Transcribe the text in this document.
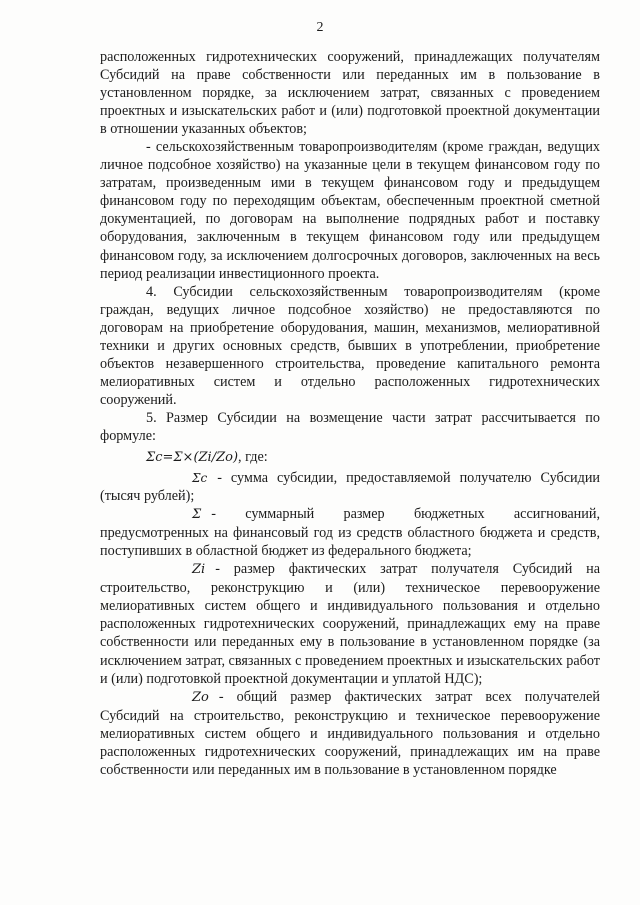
2

расположенных гидротехнических сооружений, принадлежащих получателям Субсидий на праве собственности или переданных им в пользование в установленном порядке, за исключением затрат, связанных с проведением проектных и изыскательских работ и (или) подготовкой проектной документации в отношении указанных объектов;

- сельскохозяйственным товаропроизводителям (кроме граждан, ведущих личное подсобное хозяйство) на указанные цели в текущем финансовом году по затратам, произведенным ими в текущем финансовом году и предыдущем финансовом году по переходящим объектам, обеспеченным проектной сметной документацией, по договорам на выполнение подрядных работ и поставку оборудования, заключенным в текущем финансовом году или предыдущем финансовом году, за исключением долгосрочных договоров, заключенных на весь период реализации инвестиционного проекта.

4. Субсидии сельскохозяйственным товаропроизводителям (кроме граждан, ведущих личное подсобное хозяйство) не предоставляются по договорам на приобретение оборудования, машин, механизмов, мелиоративной техники и других основных средств, бывших в употреблении, приобретение объектов незавершенного строительства, проведение капитального ремонта мелиоративных систем и отдельно расположенных гидротехнических сооружений.

5. Размер Субсидии на возмещение части затрат рассчитывается по формуле:

Σc=Σ×(Zi/Zo), где:

Σc - сумма субсидии, предоставляемой получателю Субсидии (тысяч рублей);

Σ - суммарный размер бюджетных ассигнований, предусмотренных на финансовый год из средств областного бюджета и средств, поступивших в областной бюджет из федерального бюджета;

Zi - размер фактических затрат получателя Субсидий на строительство, реконструкцию и (или) техническое перевооружение мелиоративных систем общего и индивидуального пользования и отдельно расположенных гидротехнических сооружений, принадлежащих ему на праве собственности или переданных ему в пользование в установленном порядке (за исключением затрат, связанных с проведением проектных и изыскательских работ и (или) подготовкой проектной документации и уплатой НДС);

Zo - общий размер фактических затрат всех получателей Субсидий на строительство, реконструкцию и техническое перевооружение мелиоративных систем общего и индивидуального пользования и отдельно расположенных гидротехнических сооружений, принадлежащих им на праве собственности или переданных им в пользование в установленном порядке
